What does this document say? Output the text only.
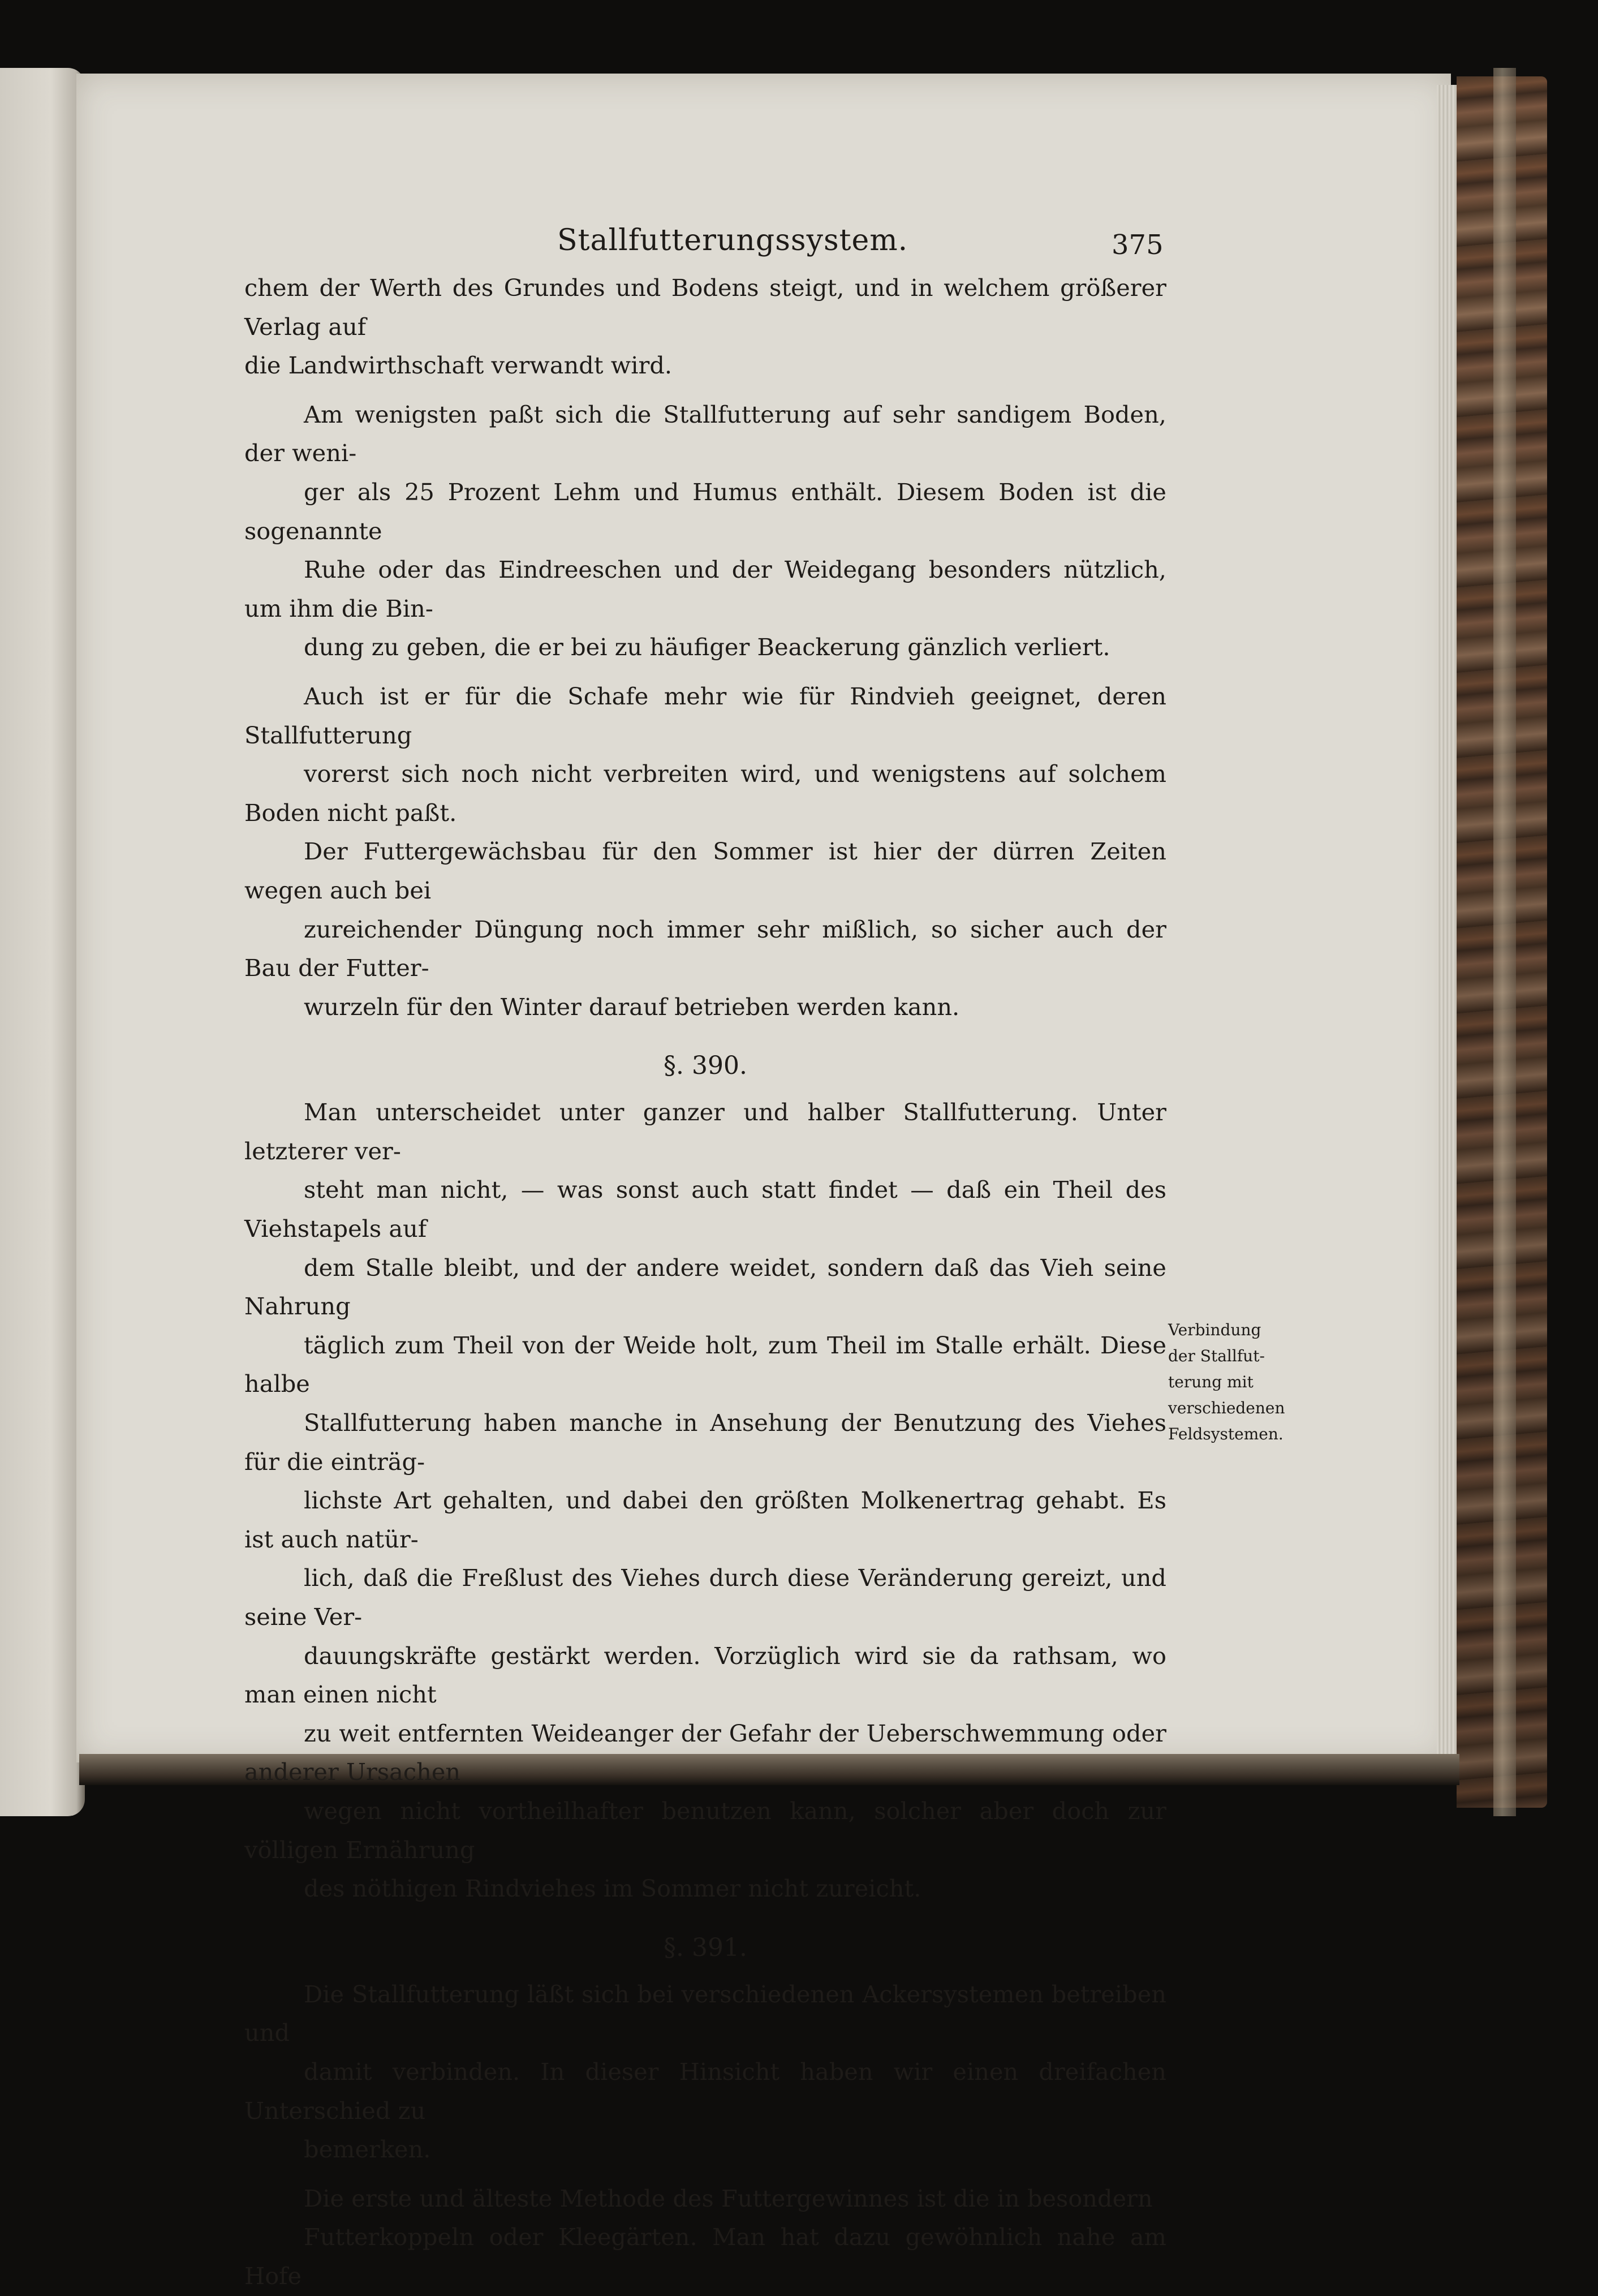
Stallfutterungssystem.	375

chem der Werth des Grundes und Bodens steigt, und in welchem größerer Verlag auf
die Landwirthschaft verwandt wird.

Am wenigsten paßt sich die Stallfutterung auf sehr sandigem Boden, der weni-
ger als 25 Prozent Lehm und Humus enthält. Diesem Boden ist die sogenannte
Ruhe oder das Eindreeschen und der Weidegang besonders nützlich, um ihm die Bin-
dung zu geben, die er bei zu häufiger Beackerung gänzlich verliert.

Auch ist er für die Schafe mehr wie für Rindvieh geeignet, deren Stallfutterung
vorerst sich noch nicht verbreiten wird, und wenigstens auf solchem Boden nicht paßt.
Der Futtergewächsbau für den Sommer ist hier der dürren Zeiten wegen auch bei
zureichender Düngung noch immer sehr mißlich, so sicher auch der Bau der Futter-
wurzeln für den Winter darauf betrieben werden kann.

§. 390.

Man unterscheidet unter ganzer und halber Stallfutterung. Unter letzterer ver-
steht man nicht, — was sonst auch statt findet — daß ein Theil des Viehstapels auf
dem Stalle bleibt, und der andere weidet, sondern daß das Vieh seine Nahrung
täglich zum Theil von der Weide holt, zum Theil im Stalle erhält. Diese halbe
Stallfutterung haben manche in Ansehung der Benutzung des Viehes für die einträg-
lichste Art gehalten, und dabei den größten Molkenertrag gehabt. Es ist auch natür-
lich, daß die Freßlust des Viehes durch diese Veränderung gereizt, und seine Ver-
dauungskräfte gestärkt werden. Vorzüglich wird sie da rathsam, wo man einen nicht
zu weit entfernten Weideanger der Gefahr der Ueberschwemmung oder anderer Ursachen
wegen nicht vortheilhafter benutzen kann, solcher aber doch zur völligen Ernährung
des nöthigen Rindviehes im Sommer nicht zureicht.

§. 391.

Die Stallfutterung läßt sich bei verschiedenen Ackersystemen betreiben und
damit verbinden. In dieser Hinsicht haben wir einen dreifachen Unterschied zu
bemerken.

Die erste und älteste Methode des Futtergewinnes ist die in besondern
Futterkoppeln oder Kleegärten. Man hat dazu gewöhnlich nahe am Hofe

Verbindung
der Stallfut-
terung mit
verschiedenen
Feldsystemen.
